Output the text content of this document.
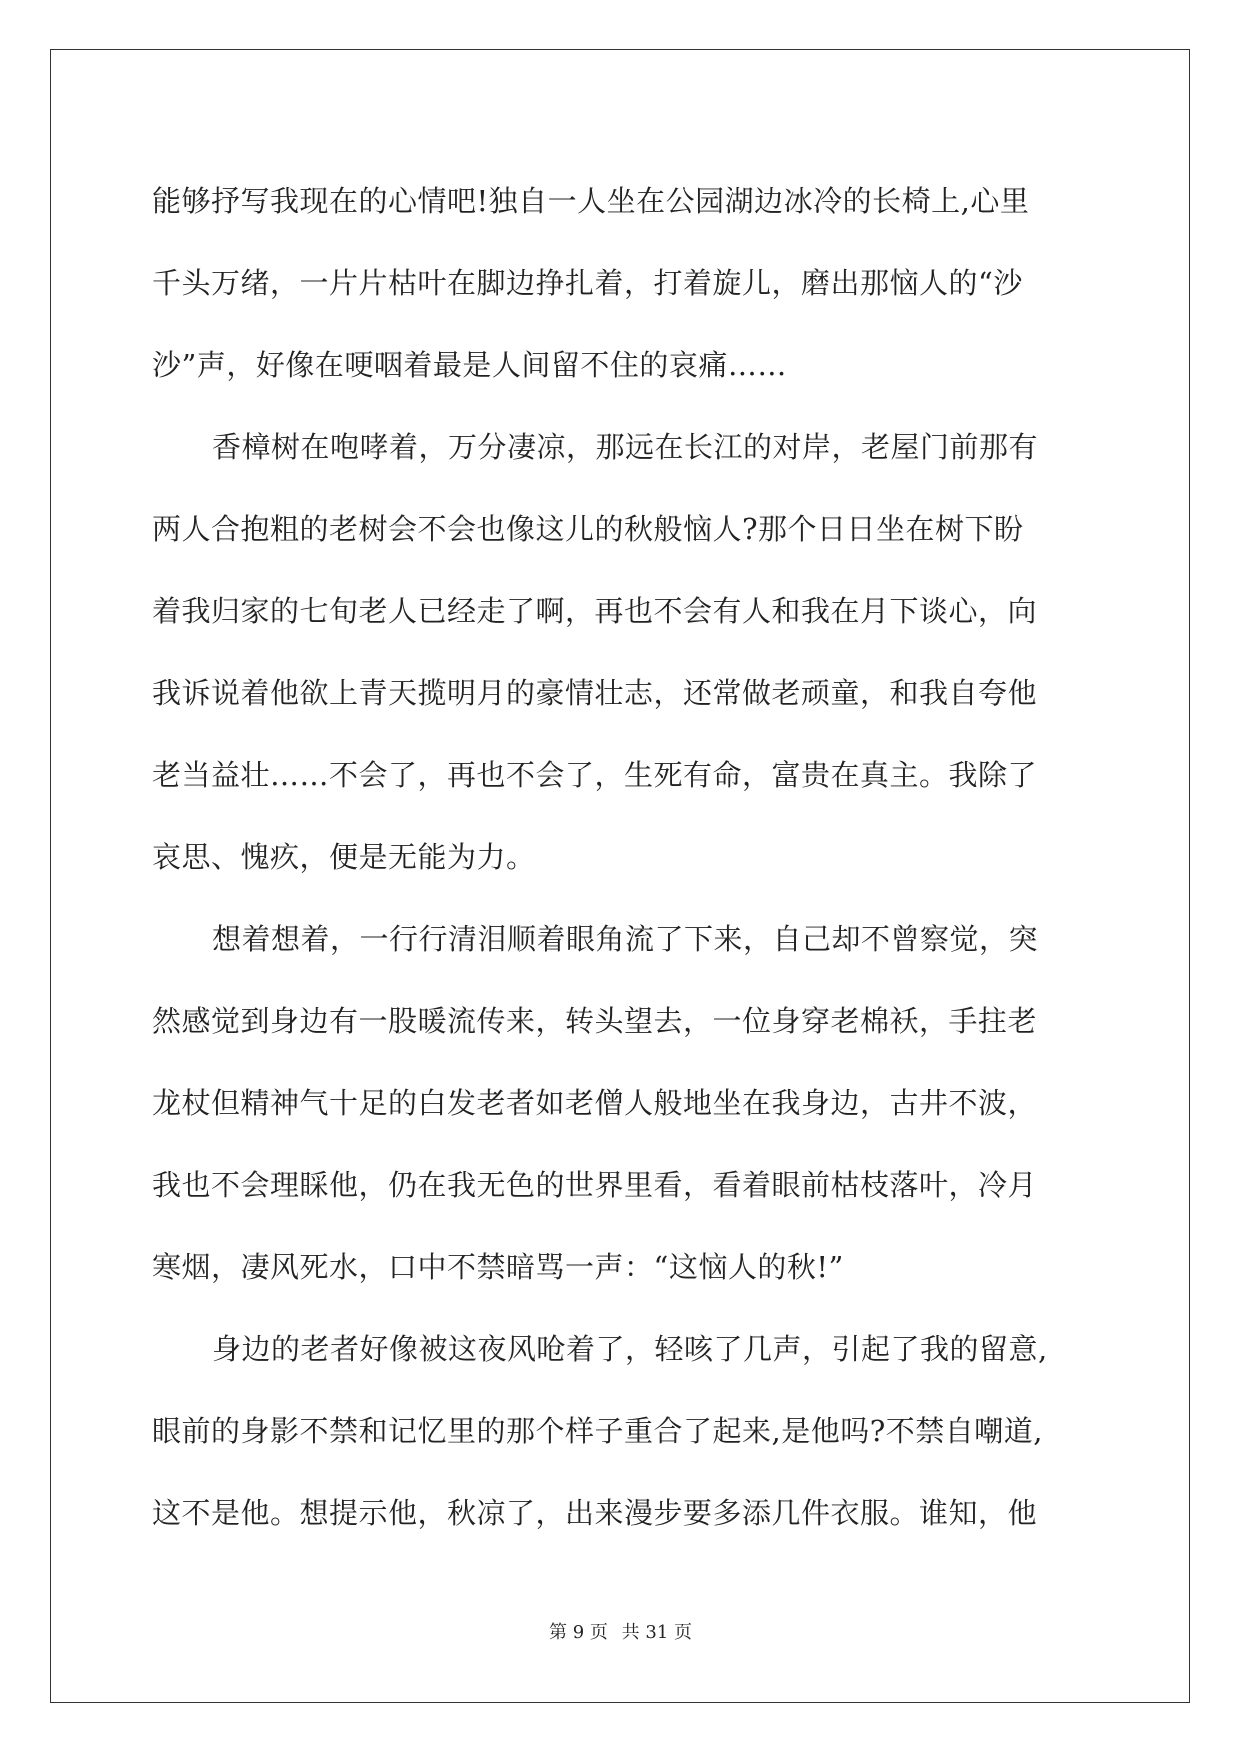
能够抒写我现在的心情吧!独自一人坐在公园湖边冰冷的长椅上,心里
千头万绪，一片片枯叶在脚边挣扎着，打着旋儿，磨出那恼人的“沙
沙”声，好像在哽咽着最是人间留不住的哀痛……
香樟树在咆哮着，万分凄凉，那远在长江的对岸，老屋门前那有
两人合抱粗的老树会不会也像这儿的秋般恼人?那个日日坐在树下盼
着我归家的七旬老人已经走了啊，再也不会有人和我在月下谈心，向
我诉说着他欲上青天揽明月的豪情壮志，还常做老顽童，和我自夸他
老当益壮……不会了，再也不会了，生死有命，富贵在真主。我除了
哀思、愧疚，便是无能为力。
想着想着，一行行清泪顺着眼角流了下来，自己却不曾察觉，突
然感觉到身边有一股暖流传来，转头望去，一位身穿老棉袄，手拄老
龙杖但精神气十足的白发老者如老僧人般地坐在我身边，古井不波，
我也不会理睬他，仍在我无色的世界里看，看着眼前枯枝落叶，冷月
寒烟，凄风死水，口中不禁暗骂一声：“这恼人的秋!”
身边的老者好像被这夜风呛着了，轻咳了几声，引起了我的留意,
眼前的身影不禁和记忆里的那个样子重合了起来,是他吗?不禁自嘲道,
这不是他。想提示他，秋凉了，出来漫步要多添几件衣服。谁知，他
第 9 页 共 31 页
